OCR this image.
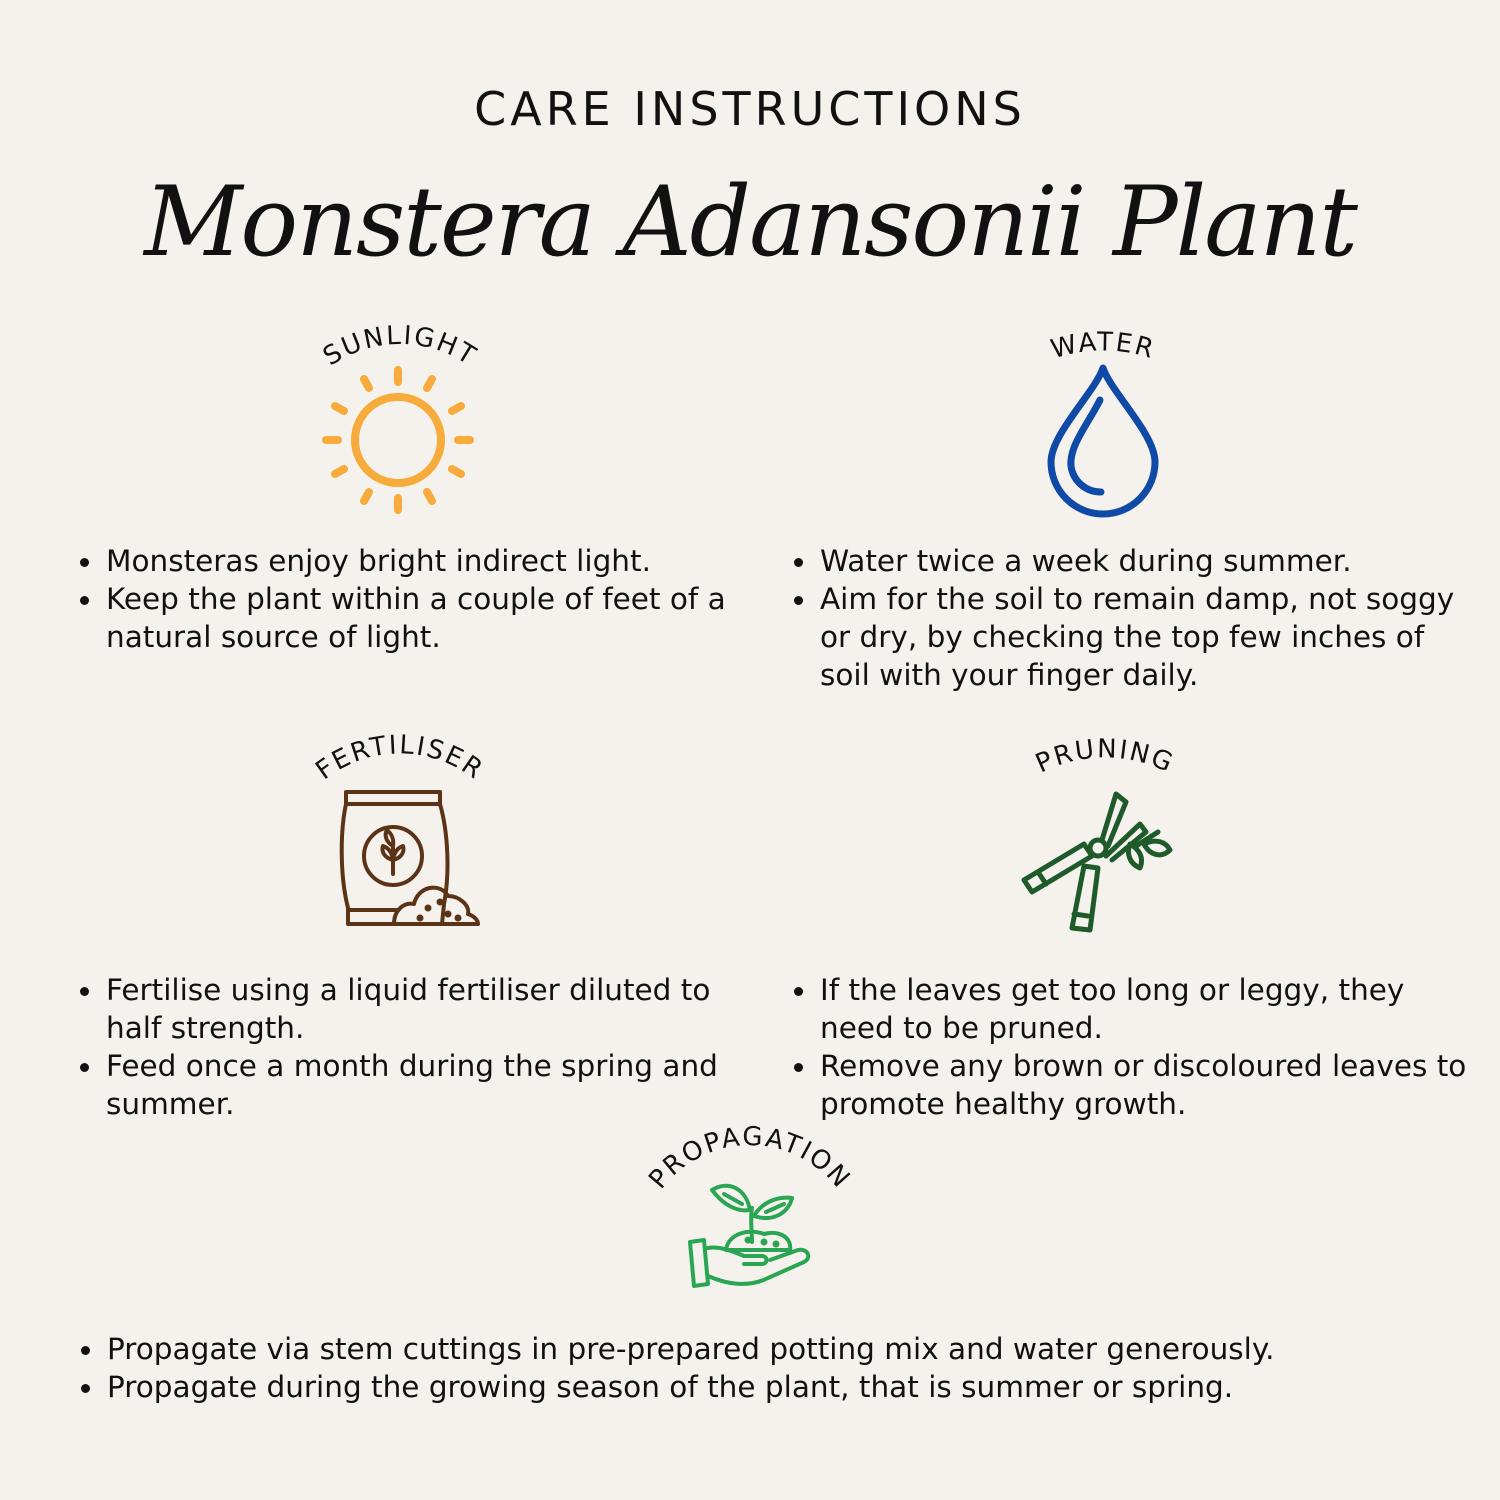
CARE INSTRUCTIONS
Monstera Adansonii Plant
SUNLIGHT
Monsteras enjoy bright indirect light.
Keep the plant within a couple of feet of a natural source of light.
WATER
Water twice a week during summer.
Aim for the soil to remain damp, not soggy or dry, by checking the top few inches of soil with your finger daily.
FERTILISER
Fertilise using a liquid fertiliser diluted to half strength.
Feed once a month during the spring and summer.
PRUNING
If the leaves get too long or leggy, they need to be pruned.
Remove any brown or discoloured leaves to promote healthy growth.
PROPAGATION
Propagate via stem cuttings in pre-prepared potting mix and water generously.
Propagate during the growing season of the plant, that is summer or spring.
